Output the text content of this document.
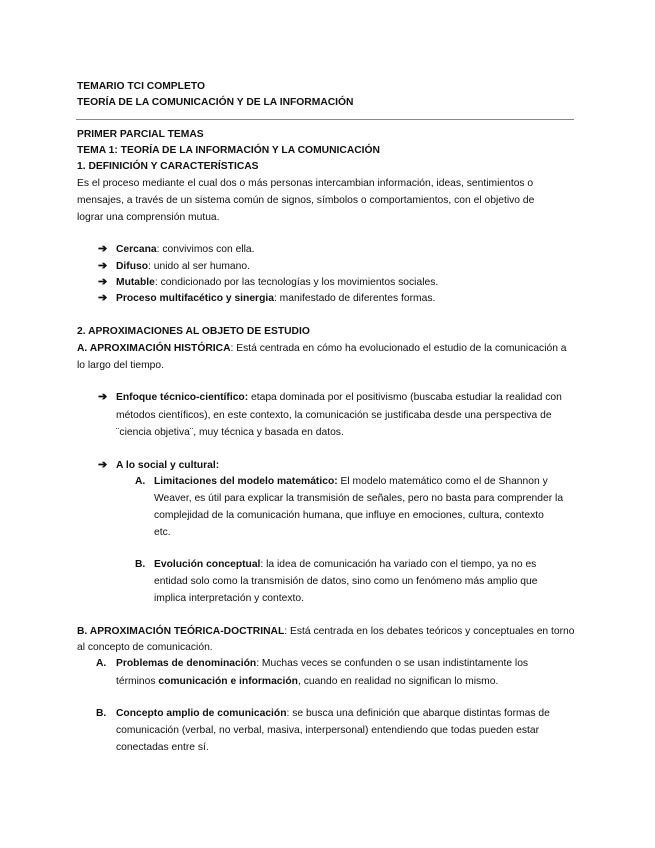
TEMARIO TCI COMPLETO
TEORÍA DE LA COMUNICACIÓN Y DE LA INFORMACIÓN
PRIMER PARCIAL TEMAS
TEMA 1: TEORÍA DE LA INFORMACIÓN Y LA COMUNICACIÓN
1. DEFINICIÓN Y CARACTERÍSTICAS
Es el proceso mediante el cual dos o más personas intercambian información, ideas, sentimientos o
mensajes, a través de un sistema común de signos, símbolos o comportamientos, con el objetivo de
lograr una comprensión mutua.
➔ Cercana: convivimos con ella.
➔ Difuso: unido al ser humano.
➔ Mutable: condicionado por las tecnologías y los movimientos sociales.
➔ Proceso multifacético y sinergia: manifestado de diferentes formas.
2. APROXIMACIONES AL OBJETO DE ESTUDIO
A. APROXIMACIÓN HISTÓRICA: Está centrada en cómo ha evolucionado el estudio de la comunicación a
lo largo del tiempo.
➔ Enfoque técnico-científico: etapa dominada por el positivismo (buscaba estudiar la realidad con
métodos científicos), en este contexto, la comunicación se justificaba desde una perspectiva de
¨ciencia objetiva¨, muy técnica y basada en datos.
➔ A lo social y cultural:
A. Limitaciones del modelo matemático: El modelo matemático como el de Shannon y
Weaver, es útil para explicar la transmisión de señales, pero no basta para comprender la
complejidad de la comunicación humana, que influye en emociones, cultura, contexto
etc.
B. Evolución conceptual: la idea de comunicación ha variado con el tiempo, ya no es
entidad solo como la transmisión de datos, sino como un fenómeno más amplio que
implica interpretación y contexto.
B. APROXIMACIÓN TEÓRICA-DOCTRINAL: Está centrada en los debates teóricos y conceptuales en torno
al concepto de comunicación.
A. Problemas de denominación: Muchas veces se confunden o se usan indistintamente los
términos comunicación e información, cuando en realidad no significan lo mismo.
B. Concepto amplio de comunicación: se busca una definición que abarque distintas formas de
comunicación (verbal, no verbal, masiva, interpersonal) entendiendo que todas pueden estar
conectadas entre sí.
